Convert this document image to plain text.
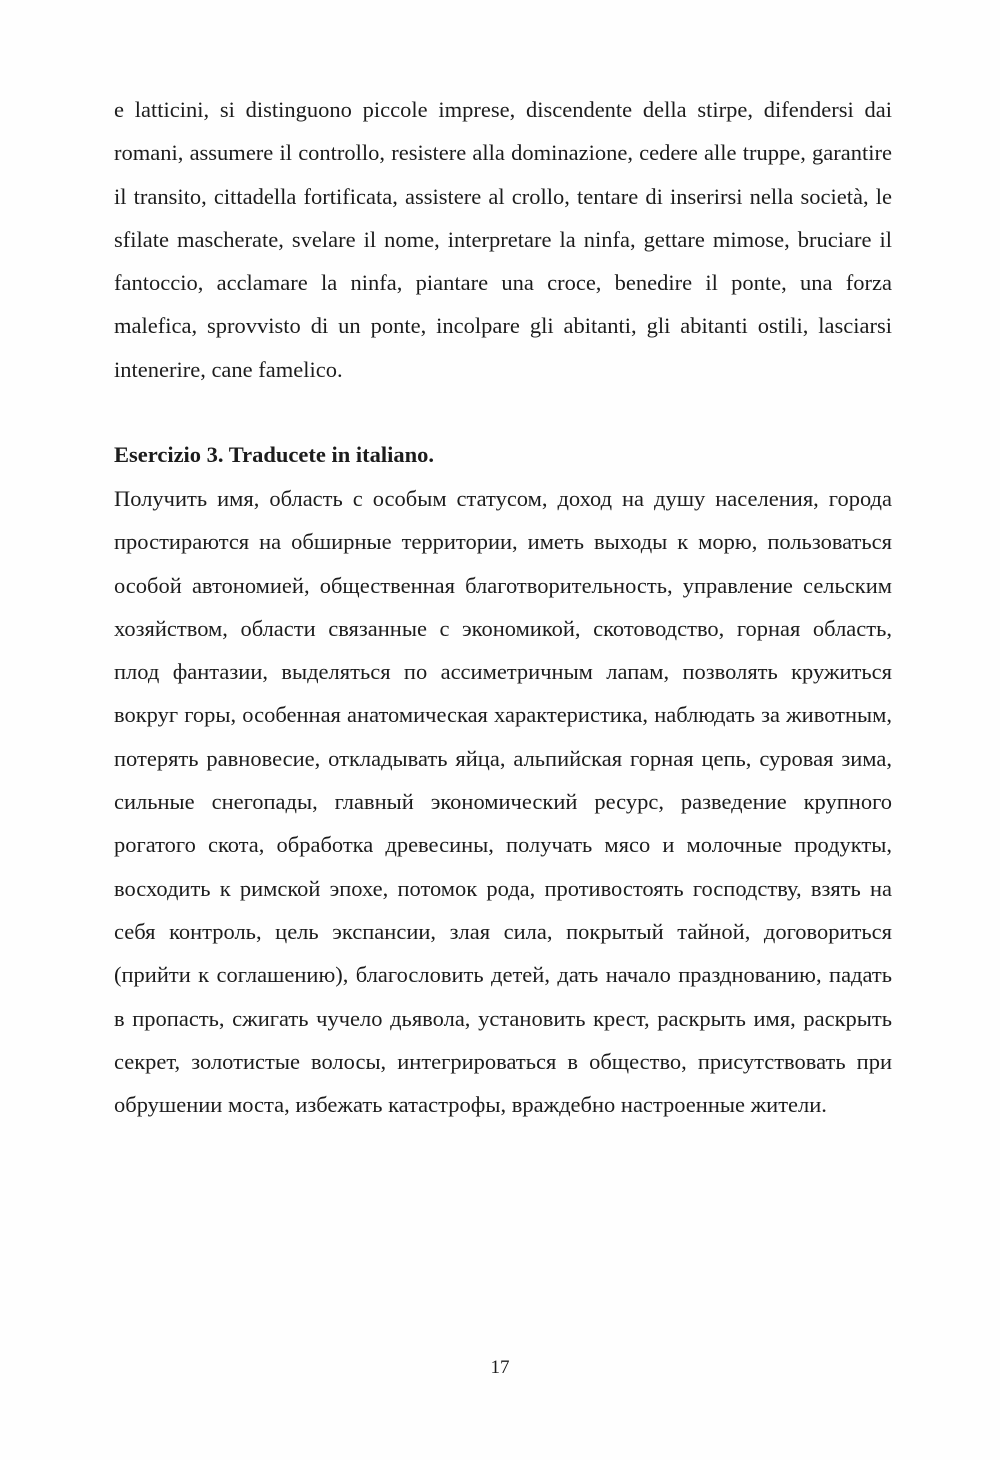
e latticini, si distinguono piccole imprese, discendente della stirpe, difendersi dai romani, assumere il controllo, resistere alla dominazione, cedere alle truppe, garantire il transito, cittadella fortificata, assistere al crollo, tentare di inserirsi nella società, le sfilate mascherate, svelare il nome, interpretare la ninfa, gettare mimose, bruciare il fantoccio, acclamare la ninfa, piantare una croce, benedire il ponte, una forza malefica, sprovvisto di un ponte, incolpare gli abitanti, gli abitanti ostili, lasciarsi intenerire, cane famelico.

Esercizio 3. Traducete in italiano.

Получить имя, область с особым статусом, доход на душу населения, города простираются на обширные территории, иметь выходы к морю, пользоваться особой автономией, общественная благотворительность, управление сельским хозяйством, области связанные с экономикой, скотоводство, горная область, плод фантазии, выделяться по ассиметричным лапам, позволять кружиться вокруг горы, особенная анатомическая характеристика, наблюдать за животным, потерять равновесие, откладывать яйца, альпийская горная цепь, суровая зима, сильные снегопады, главный экономический ресурс, разведение крупного рогатого скота, обработка древесины, получать мясо и молочные продукты, восходить к римской эпохе, потомок рода, противостоять господству, взять на себя контроль, цель экспансии, злая сила, покрытый тайной, договориться (прийти к соглашению), благословить детей, дать начало празднованию, падать в пропасть, сжигать чучело дьявола, установить крест, раскрыть имя, раскрыть секрет, золотистые волосы, интегрироваться в общество, присутствовать при обрушении моста, избежать катастрофы, враждебно настроенные жители.

17
